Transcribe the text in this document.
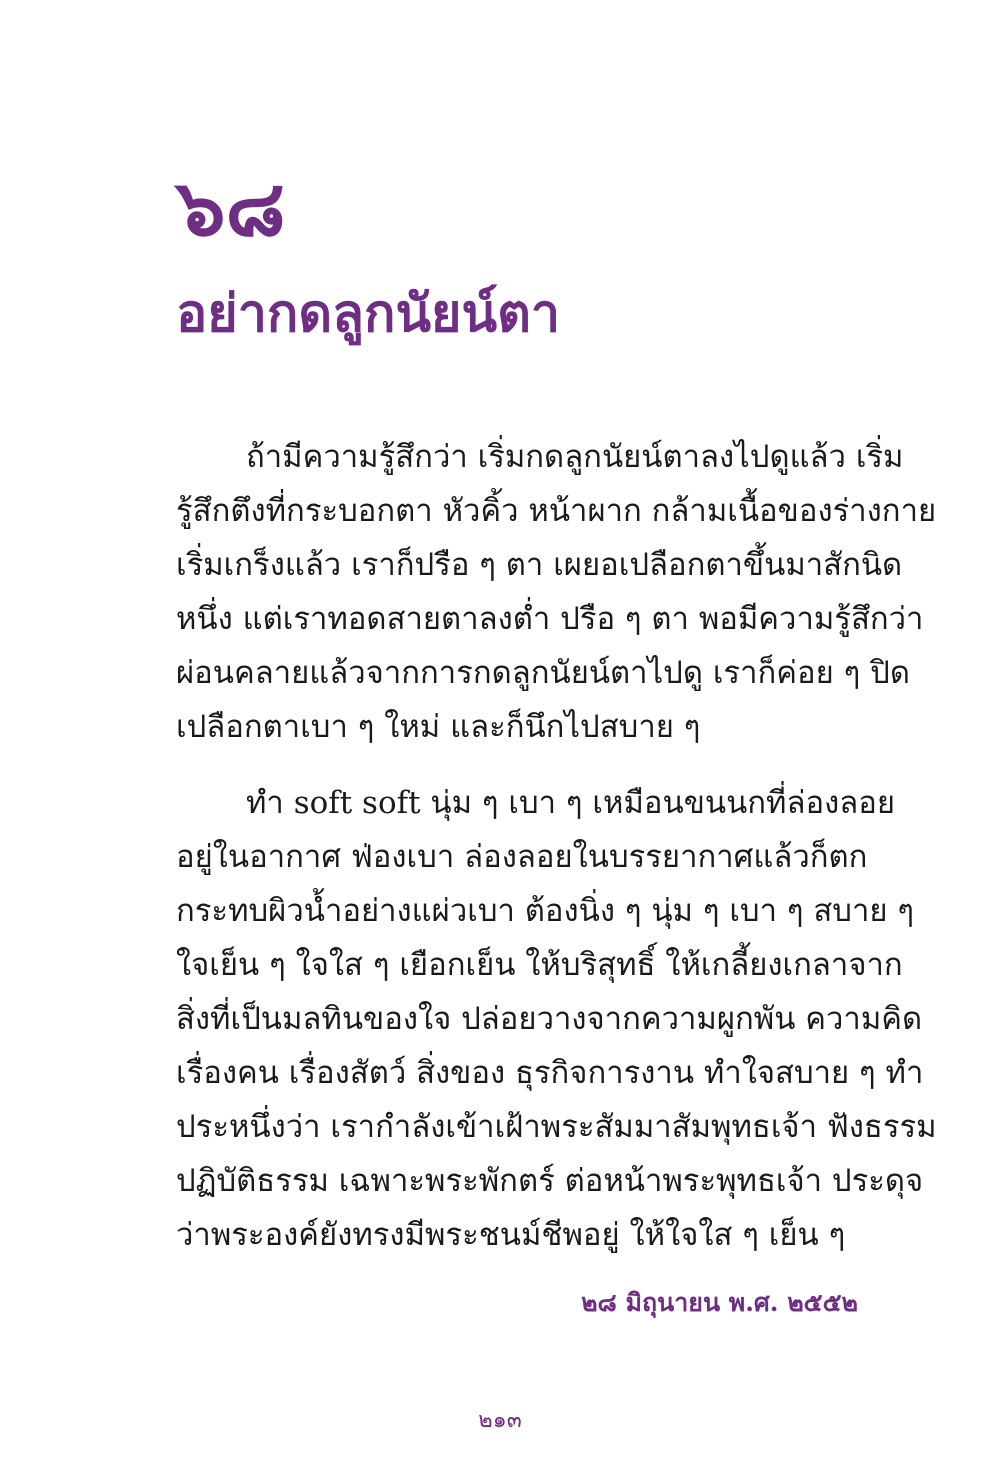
๖๘
อย่ากดลูกนัยน์ตา
ถ้ามีความรู้สึกว่า เริ่มกดลูกนัยน์ตาลงไปดูแล้ว เริ่ม
รู้สึกตึงที่กระบอกตา หัวคิ้ว หน้าผาก กล้ามเนื้อของร่างกาย
เริ่มเกร็งแล้ว เราก็ปรือ ๆ ตา เผยอเปลือกตาขึ้นมาสักนิด
หนึ่ง แต่เราทอดสายตาลงต่ำ ปรือ ๆ ตา พอมีความรู้สึกว่า
ผ่อนคลายแล้วจากการกดลูกนัยน์ตาไปดู เราก็ค่อย ๆ ปิด
เปลือกตาเบา ๆ ใหม่ และก็นึกไปสบาย ๆ
ทำ soft soft นุ่ม ๆ เบา ๆ เหมือนขนนกที่ล่องลอย
อยู่ในอากาศ ฟ่องเบา ล่องลอยในบรรยากาศแล้วก็ตก
กระทบผิวน้ำอย่างแผ่วเบา ต้องนิ่ง ๆ นุ่ม ๆ เบา ๆ สบาย ๆ
ใจเย็น ๆ ใจใส ๆ เยือกเย็น ให้บริสุทธิ์ ให้เกลี้ยงเกลาจาก
สิ่งที่เป็นมลทินของใจ ปล่อยวางจากความผูกพัน ความคิด
เรื่องคน เรื่องสัตว์ สิ่งของ ธุรกิจการงาน ทำใจสบาย ๆ ทำ
ประหนึ่งว่า เรากำลังเข้าเฝ้าพระสัมมาสัมพุทธเจ้า ฟังธรรม
ปฏิบัติธรรม เฉพาะพระพักตร์ ต่อหน้าพระพุทธเจ้า ประดุจ
ว่าพระองค์ยังทรงมีพระชนม์ชีพอยู่ ให้ใจใส ๆ เย็น ๆ
๒๘ มิถุนายน พ.ศ. ๒๕๕๒
๒๑๓
